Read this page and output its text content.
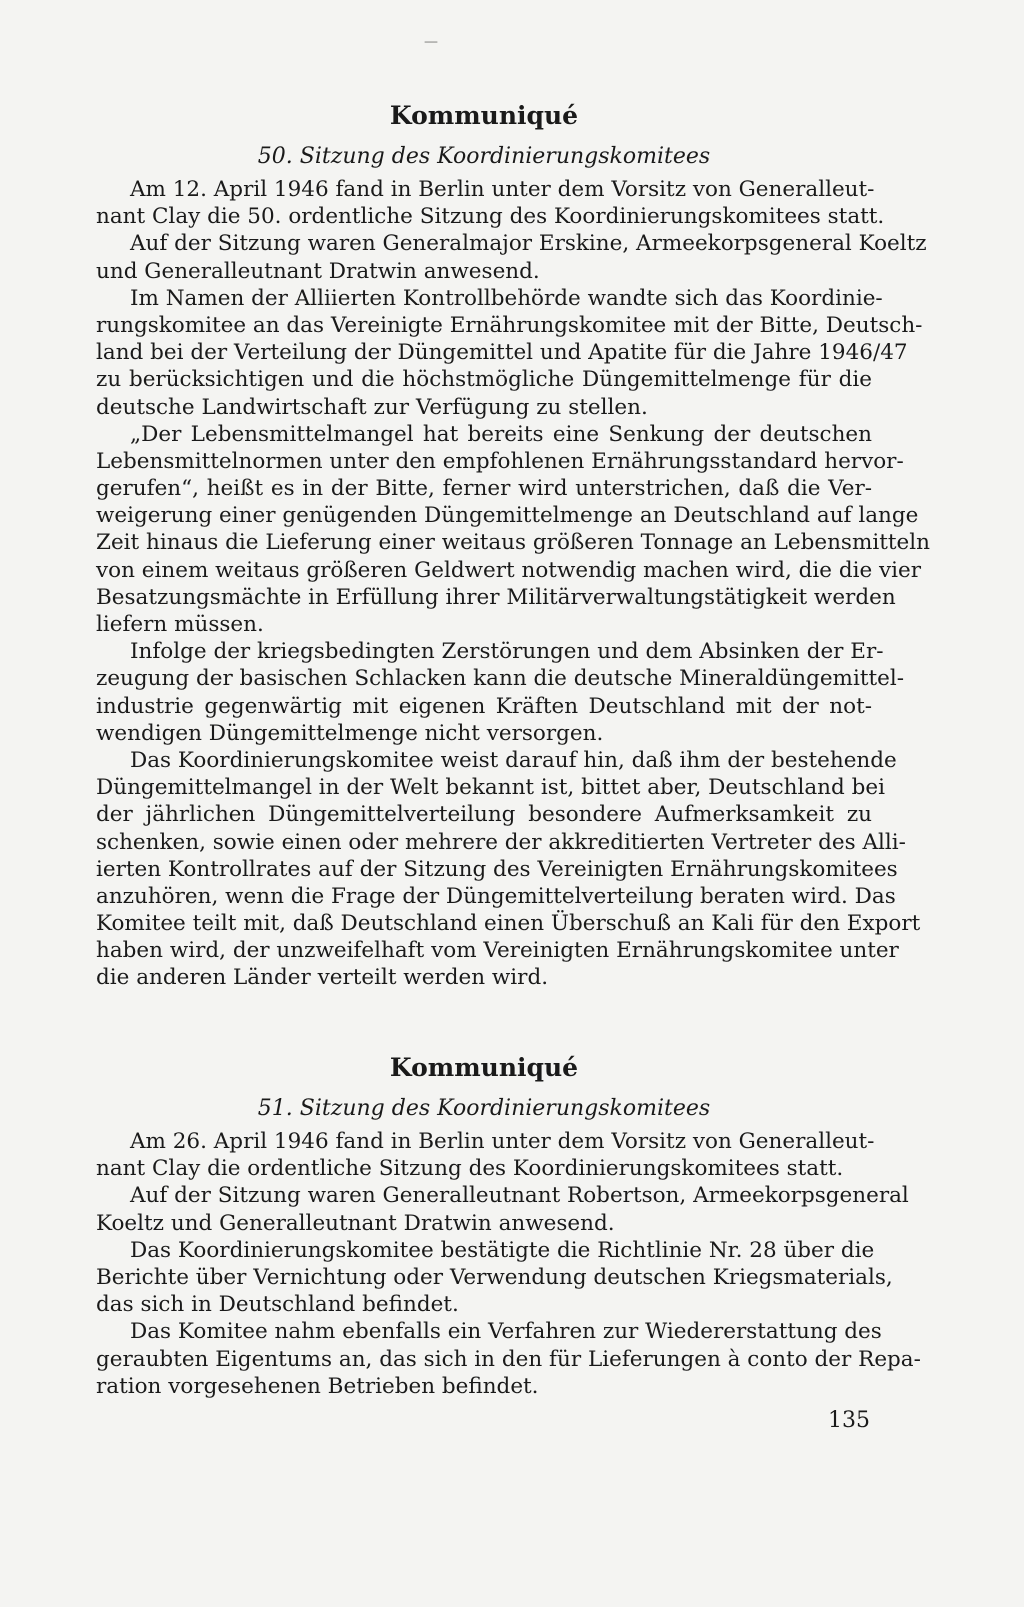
—
Kommuniqué
50. Sitzung des Koordinierungskomitees
Am 12. April 1946 fand in Berlin unter dem Vorsitz von Generalleut-
nant Clay die 50. ordentliche Sitzung des Koordinierungskomitees statt.
Auf der Sitzung waren Generalmajor Erskine, Armeekorpsgeneral Koeltz
und Generalleutnant Dratwin anwesend.
Im Namen der Alliierten Kontrollbehörde wandte sich das Koordinie-
rungskomitee an das Vereinigte Ernährungskomitee mit der Bitte, Deutsch-
land bei der Verteilung der Düngemittel und Apatite für die Jahre 1946/47
zu berücksichtigen und die höchstmögliche Düngemittelmenge für die
deutsche Landwirtschaft zur Verfügung zu stellen.
„Der Lebensmittelmangel hat bereits eine Senkung der deutschen
Lebensmittelnormen unter den empfohlenen Ernährungsstandard hervor-
gerufen“, heißt es in der Bitte, ferner wird unterstrichen, daß die Ver-
weigerung einer genügenden Düngemittelmenge an Deutschland auf lange
Zeit hinaus die Lieferung einer weitaus größeren Tonnage an Lebensmitteln
von einem weitaus größeren Geldwert notwendig machen wird, die die vier
Besatzungsmächte in Erfüllung ihrer Militärverwaltungstätigkeit werden
liefern müssen.
Infolge der kriegsbedingten Zerstörungen und dem Absinken der Er-
zeugung der basischen Schlacken kann die deutsche Mineraldüngemittel-
industrie gegenwärtig mit eigenen Kräften Deutschland mit der not-
wendigen Düngemittelmenge nicht versorgen.
Das Koordinierungskomitee weist darauf hin, daß ihm der bestehende
Düngemittelmangel in der Welt bekannt ist, bittet aber, Deutschland bei
der jährlichen Düngemittelverteilung besondere Aufmerksamkeit zu
schenken, sowie einen oder mehrere der akkreditierten Vertreter des Alli-
ierten Kontrollrates auf der Sitzung des Vereinigten Ernährungskomitees
anzuhören, wenn die Frage der Düngemittelverteilung beraten wird. Das
Komitee teilt mit, daß Deutschland einen Überschuß an Kali für den Export
haben wird, der unzweifelhaft vom Vereinigten Ernährungskomitee unter
die anderen Länder verteilt werden wird.
Kommuniqué
51. Sitzung des Koordinierungskomitees
Am 26. April 1946 fand in Berlin unter dem Vorsitz von Generalleut-
nant Clay die ordentliche Sitzung des Koordinierungskomitees statt.
Auf der Sitzung waren Generalleutnant Robertson, Armeekorpsgeneral
Koeltz und Generalleutnant Dratwin anwesend.
Das Koordinierungskomitee bestätigte die Richtlinie Nr. 28 über die
Berichte über Vernichtung oder Verwendung deutschen Kriegsmaterials,
das sich in Deutschland befindet.
Das Komitee nahm ebenfalls ein Verfahren zur Wiedererstattung des
geraubten Eigentums an, das sich in den für Lieferungen à conto der Repa-
ration vorgesehenen Betrieben befindet.
135
